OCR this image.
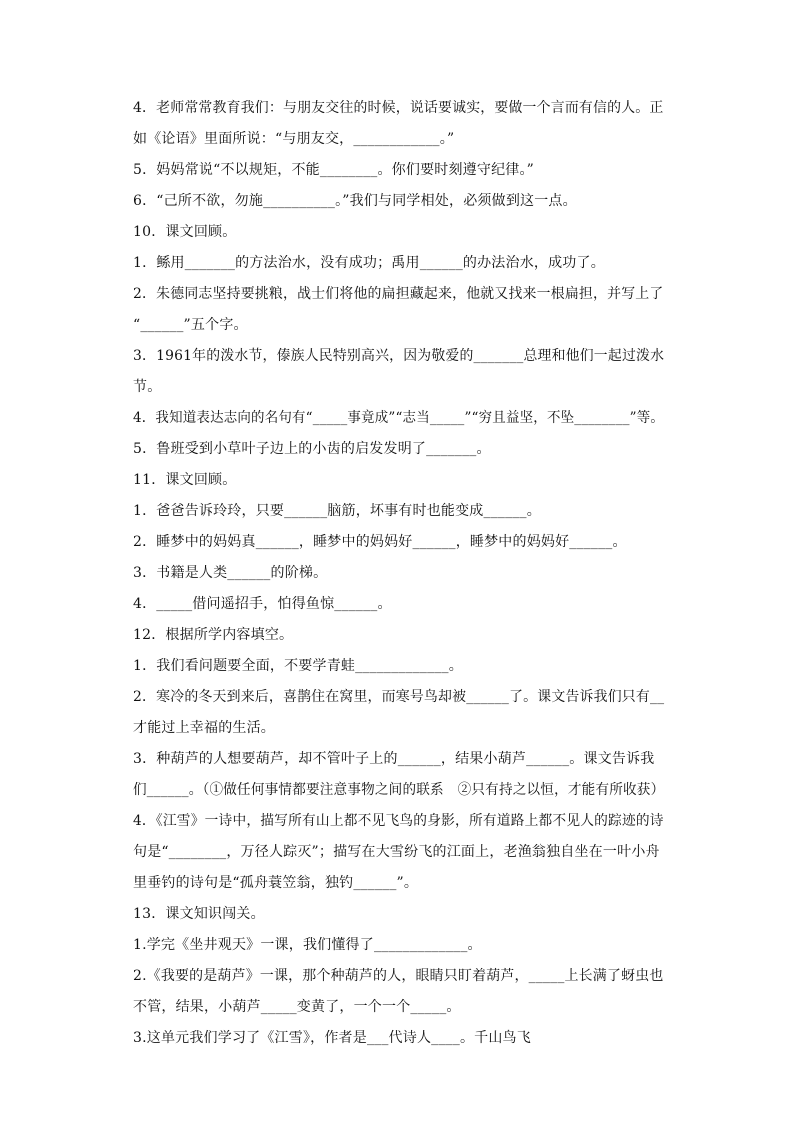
4．老师常常教育我们：与朋友交往的时候，说话要诚实，要做一个言而有信的人。正
如《论语》里面所说：“与朋友交，____________。”
5．妈妈常说“不以规矩，不能________。你们要时刻遵守纪律。”
6．“己所不欲，勿施__________。”我们与同学相处，必须做到这一点。
10．课文回顾。
1．鲧用_______的方法治水，没有成功；禹用______的办法治水，成功了。
2．朱德同志坚持要挑粮，战士们将他的扁担藏起来，他就又找来一根扁担，并写上了
“______”五个字。
3．1961年的泼水节，傣族人民特别高兴，因为敬爱的_______总理和他们一起过泼水
节。
4．我知道表达志向的名句有“_____事竟成”“志当_____”“穷且益坚，不坠________”等。
5．鲁班受到小草叶子边上的小齿的启发发明了_______。
11．课文回顾。
1．爸爸告诉玲玲，只要______脑筋，坏事有时也能变成______。
2．睡梦中的妈妈真______，睡梦中的妈妈好______，睡梦中的妈妈好______。
3．书籍是人类______的阶梯。
4．_____借问遥招手，怕得鱼惊______。
12．根据所学内容填空。
1．我们看问题要全面，不要学青蛙_____________。
2．寒冷的冬天到来后，喜鹊住在窝里，而寒号鸟却被______了。课文告诉我们只有__
才能过上幸福的生活。
3．种葫芦的人想要葫芦，却不管叶子上的______，结果小葫芦______。课文告诉我
们______。（①做任何事情都要注意事物之间的联系　②只有持之以恒，才能有所收获）
4．《江雪》一诗中，描写所有山上都不见飞鸟的身影，所有道路上都不见人的踪迹的诗
句是“________，万径人踪灭”；描写在大雪纷飞的江面上，老渔翁独自坐在一叶小舟
里垂钓的诗句是“孤舟蓑笠翁，独钓______”。
13．课文知识闯关。
1.学完《坐井观天》一课，我们懂得了_____________。
2.《我要的是葫芦》一课，那个种葫芦的人，眼睛只盯着葫芦，_____上长满了蚜虫也
不管，结果，小葫芦_____变黄了，一个一个_____。
3.这单元我们学习了《江雪》，作者是___代诗人____。千山鸟飞
